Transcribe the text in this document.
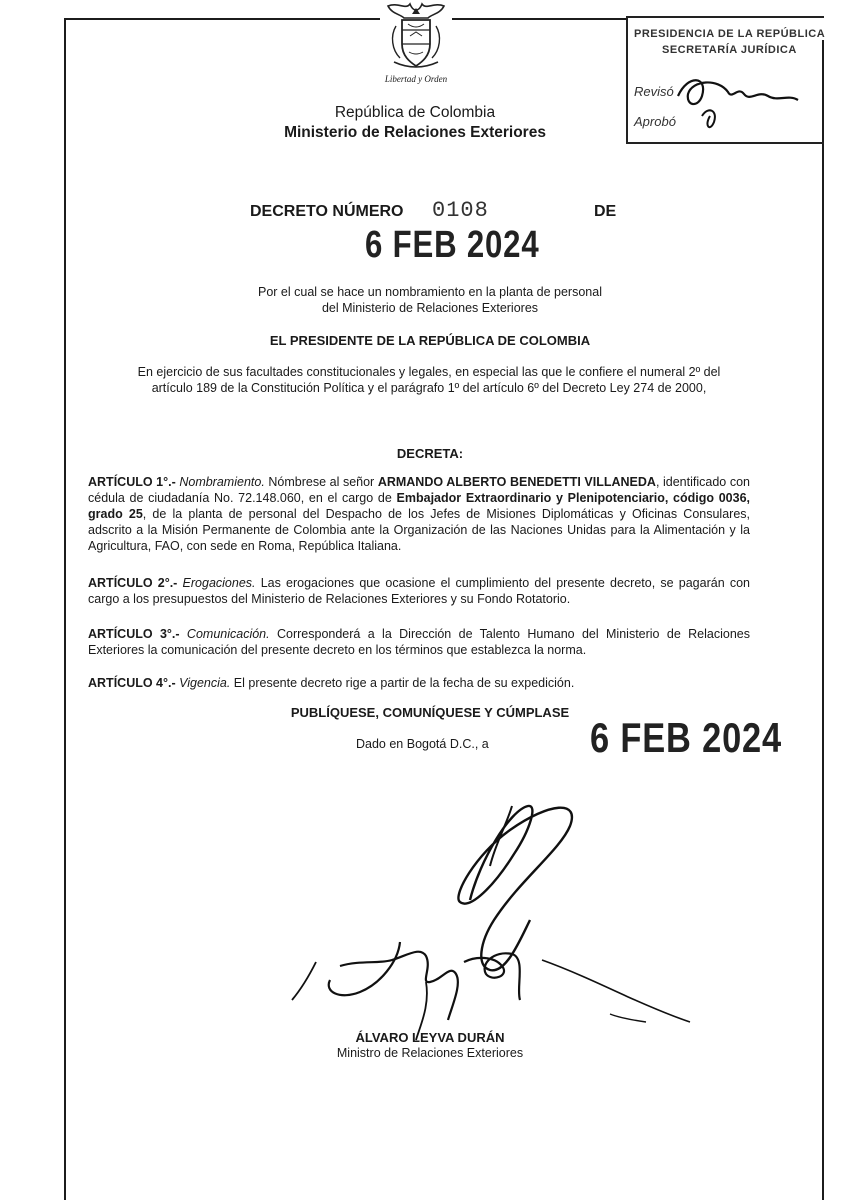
Libertad y Orden
PRESIDENCIA DE LA REPÚBLICA
SECRETARÍA JURÍDICA
Revisó
Aprobó
República de Colombia
Ministerio de Relaciones Exteriores
DECRETO NÚMERO 0108	DE
6 FEB 2024
Por el cual se hace un nombramiento en la planta de personal
del Ministerio de Relaciones Exteriores
EL PRESIDENTE DE LA REPÚBLICA DE COLOMBIA
En ejercicio de sus facultades constitucionales y legales, en especial las que le confiere el numeral 2º del
artículo 189 de la Constitución Política y el parágrafo 1º del artículo 6º del Decreto Ley 274 de 2000,
DECRETA:
ARTÍCULO 1°.- Nombramiento. Nómbrese al señor ARMANDO ALBERTO BENEDETTI VILLANEDA, identificado con cédula de ciudadanía No. 72.148.060, en el cargo de Embajador Extraordinario y Plenipotenciario, código 0036, grado 25, de la planta de personal del Despacho de los Jefes de Misiones Diplomáticas y Oficinas Consulares, adscrito a la Misión Permanente de Colombia ante la Organización de las Naciones Unidas para la Alimentación y la Agricultura, FAO, con sede en Roma, República Italiana.
ARTÍCULO 2°.- Erogaciones. Las erogaciones que ocasione el cumplimiento del presente decreto, se pagarán con cargo a los presupuestos del Ministerio de Relaciones Exteriores y su Fondo Rotatorio.
ARTÍCULO 3°.- Comunicación. Corresponderá a la Dirección de Talento Humano del Ministerio de Relaciones Exteriores la comunicación del presente decreto en los términos que establezca la norma.
ARTÍCULO 4°.- Vigencia. El presente decreto rige a partir de la fecha de su expedición.
PUBLÍQUESE, COMUNÍQUESE Y CÚMPLASE
Dado en Bogotá D.C., a 6 FEB 2024
ÁLVARO LEYVA DURÁN
Ministro de Relaciones Exteriores
